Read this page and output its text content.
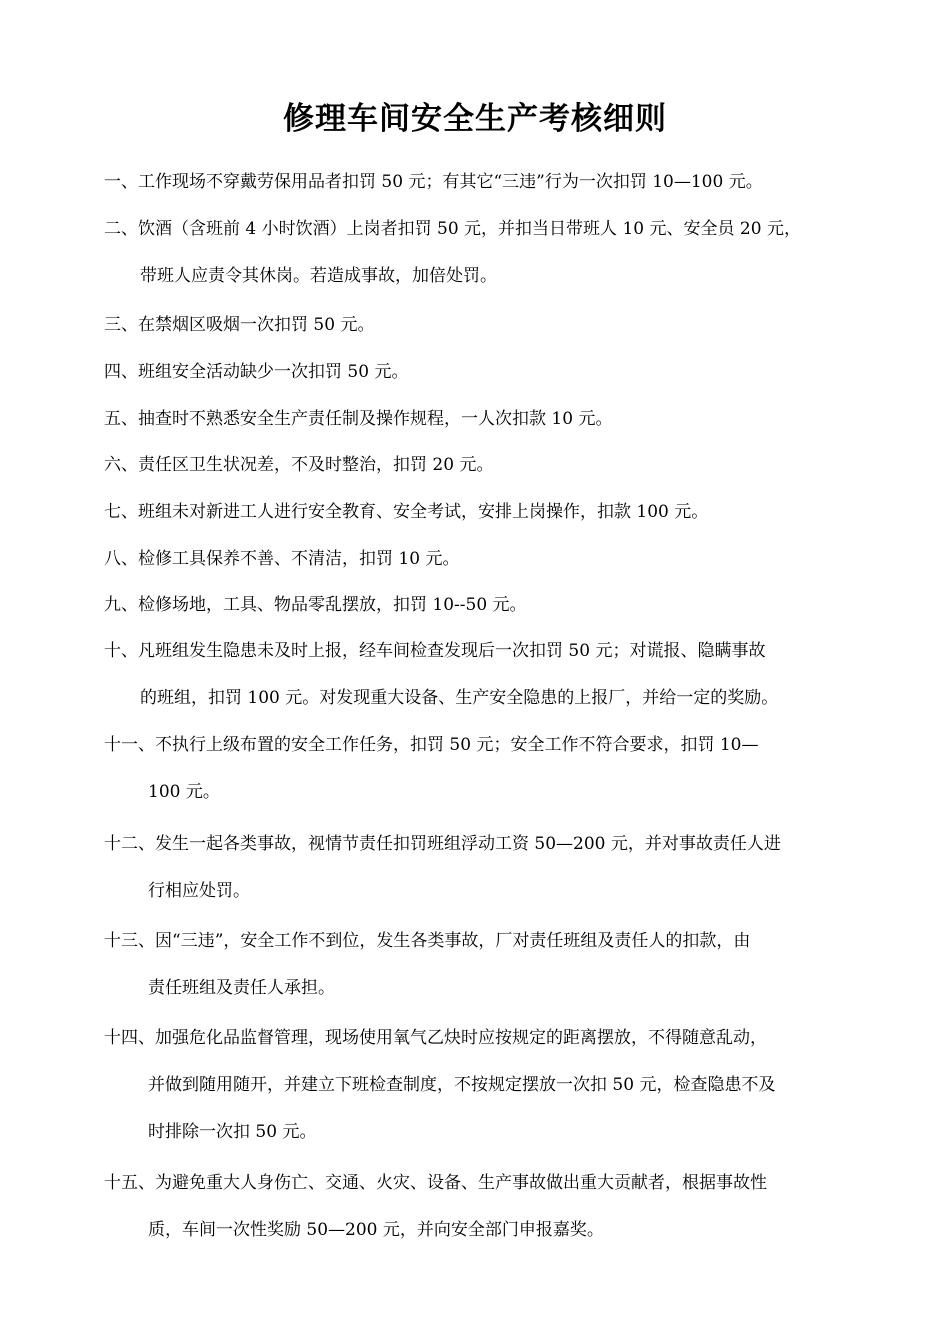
修理车间安全生产考核细则
一、 工作现场不穿戴劳保用品者扣罚 50 元；有其它“三违”行为一次扣罚 10—100 元。
二、 饮酒（含班前 4 小时饮酒）上岗者扣罚 50 元，并扣当日带班人 10 元、安全员 20 元，
带班人应责令其休岗。若造成事故，加倍处罚。
三、 在禁烟区吸烟一次扣罚 50 元。
四、 班组安全活动缺少一次扣罚 50 元。
五、 抽查时不熟悉安全生产责任制及操作规程，一人次扣款 10 元。
六、 责任区卫生状况差，不及时整治，扣罚 20 元。
七、 班组未对新进工人进行安全教育、安全考试，安排上岗操作，扣款 100 元。
八、 检修工具保养不善、不清洁，扣罚 10 元。
九、 检修场地，工具、物品零乱摆放，扣罚 10--50 元。
十、 凡班组发生隐患未及时上报，经车间检查发现后一次扣罚 50 元；对谎报、隐瞒事故
的班组，扣罚 100 元。对发现重大设备、生产安全隐患的上报厂，并给一定的奖励。
十一、 不执行上级布置的安全工作任务，扣罚 50 元；安全工作不符合要求，扣罚 10—
100 元。
十二、 发生一起各类事故，视情节责任扣罚班组浮动工资 50—200 元，并对事故责任人进
行相应处罚。
十三、 因“三违”，安全工作不到位，发生各类事故，厂对责任班组及责任人的扣款，由
责任班组及责任人承担。
十四、 加强危化品监督管理，现场使用氧气乙炔时应按规定的距离摆放，不得随意乱动，
并做到随用随开，并建立下班检查制度，不按规定摆放一次扣 50 元，检查隐患不及
时排除一次扣 50 元。
十五、 为避免重大人身伤亡、交通、火灾、设备、生产事故做出重大贡献者，根据事故性
质，车间一次性奖励 50—200 元，并向安全部门申报嘉奖。
